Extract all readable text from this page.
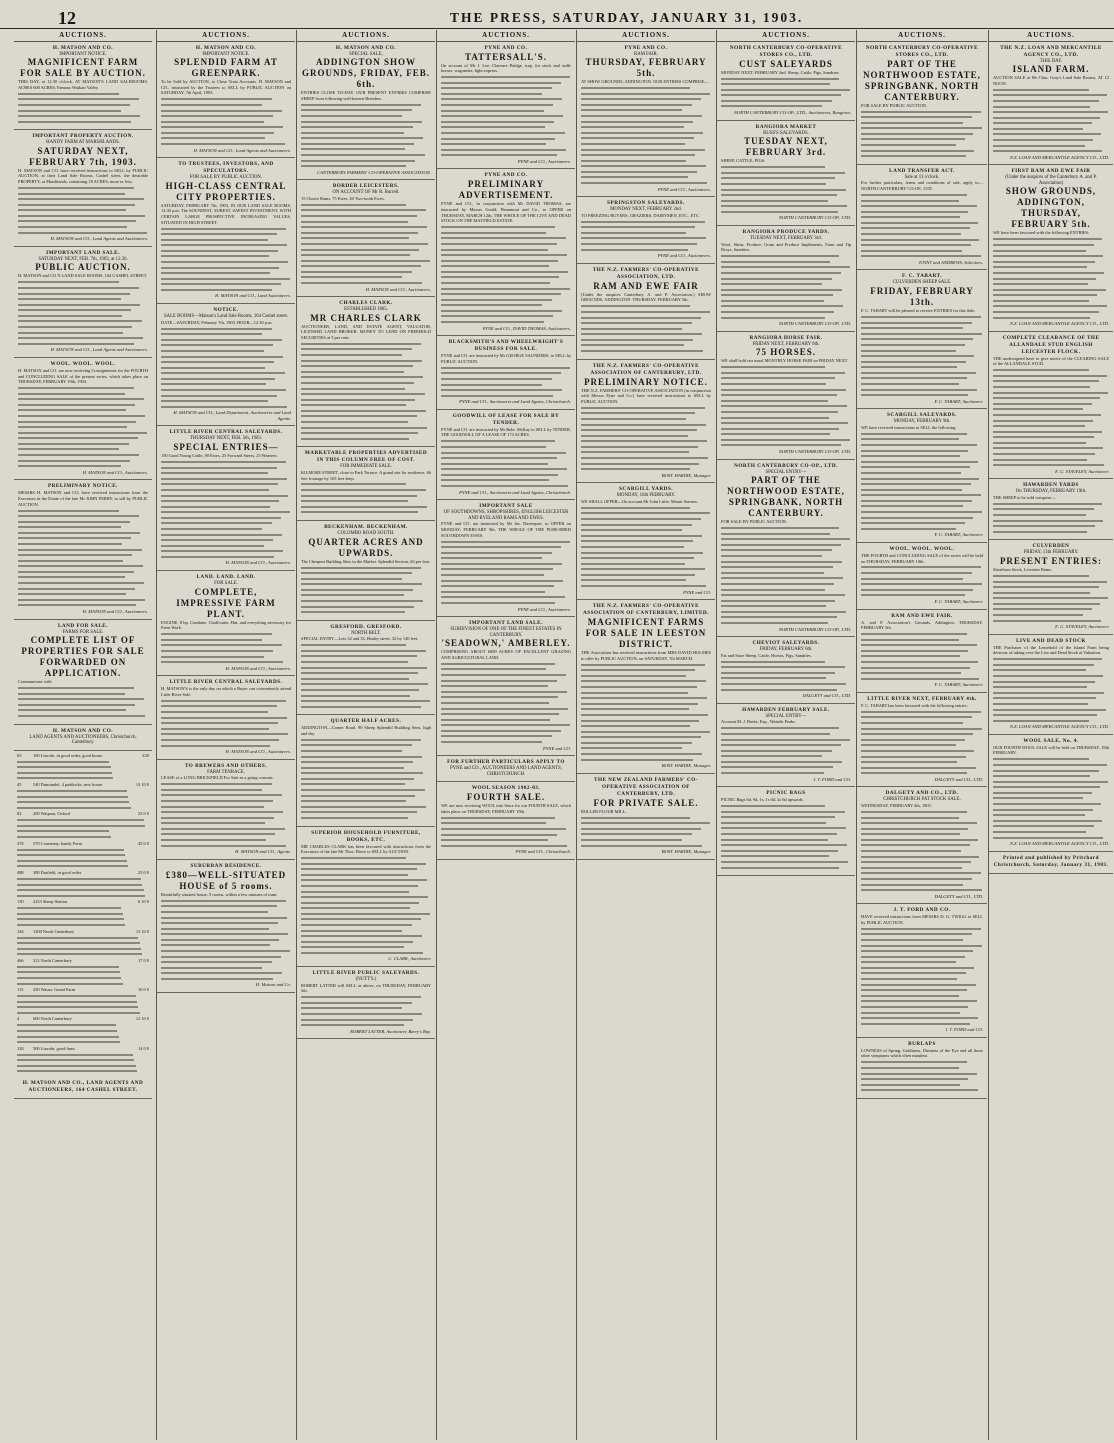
12	THE PRESS, SATURDAY, JANUARY 31, 1903.
AUCTIONS.
H. MATSON AND CO.
IMPORTANT NOTICE.
MAGNIFICENT FARM FOR SALE BY AUCTION.
THIS DAY, at 12.30 o'clock, AT MATSON'S LAND SALEROOMS. ACRES 600 ACRES, Famous Waikari Valley.
IMPORTANT PROPERTY AUCTION.
HANDY FARM AT MARSHLANDS.
SATURDAY NEXT, FEBRUARY 7th, 1903.
H. MATSON and CO. have received instructions to SELL by PUBLIC AUCTION, at their Land Sale Rooms, Cashel street, the desirable PROPERTY, at Marshlands, containing 18 ACRES, more or less.
H. MATSON and CO., Land Agents and Auctioneers.
IMPORTANT LAND SALE.
SATURDAY NEXT, FEB. 7th, 1903, at 12.30.
PUBLIC AUCTION.
H. MATSON and CO.'S LAND SALE ROOMS, 164 CASHEL STREET.
H. MATSON and CO., Land Agents and Auctioneers.
WOOL. WOOL. WOOL.
H. MATSON and CO. are now receiving Consignments for the FOURTH and CONCLUDING SALE of the present series, which takes place on THURSDAY, FEBRUARY 19th, 1903.
H. MATSON and CO., Auctioneers.
PRELIMINARY NOTICE.
MESSRS H. MATSON and CO. have received instructions from the Executors in the Estate of the late Mr JOHN PERRY, to sell by PUBLIC AUCTION.
H. MATSON and CO., Auctioneers.
LAND FOR SALE.
FARMS FOR SALE.
COMPLETE LIST OF PROPERTIES FOR SALE FORWARDED ON APPLICATION.
Communicate with
H. MATSON AND CO.
LAND AGENTS AND AUCTIONEERS, Christchurch, Canterbury.
63	160 Lincoln, in good order, good house	£20
45	540 Dunsandel, 4 paddocks, new house	13 10 0
82	200 Waipara, Oxford	25 0 0
478	570 Courtenay, handy Farm	45 0 0
488	380 Darfield, in good order	25 0 0
130	2253 Sheep Station	6 10 0
144	1200 Newk Canterbury	13 10 0
466	312 North Canterbury	17 0 0
115	430 Waiau, Grand Farm	10 0 0
4	600 North Canterbury	12 10 0
128	500 Lincoln, good farm	14 0 0
H. MATSON AND CO., LAND AGENTS AND AUCTIONEERS, 164 CASHEL STREET.
AUCTIONS.
H. MATSON AND CO.
IMPORTANT NOTICE.
SPLENDID FARM AT GREENPARK.
To be Sold by AUCTION, to Close Trust Accounts. H. MATSON and CO., instructed by the Trustees to SELL by PUBLIC AUCTION on SATURDAY, 7th April, 1903.
H. MATSON and CO., Land Agents and Auctioneers.
TO TRUSTEES, INVESTORS, AND SPECULATORS.
FOR SALE BY PUBLIC AUCTION.
HIGH-CLASS CENTRAL CITY PROPERTIES.
SATURDAY, FEBRUARY 7th, 1903, IN OUR LAND SALE ROOMS, 12.30 p.m. The SOUNDEST, SUREST, SAFEST INVESTMENT, WITH CERTAIN LARGE PROSPECTIVE INCREASING VALUES, SITUATED IN HIGH STREET.
H. MATSON and CO., Land Auctioneers.
NOTICE.
SALE ROOMS—Matson's Land Sale Rooms, 164 Cashel street.
DATE—SATURDAY, February 7th, 1903. HOUR—12.30 p.m.
H. MATSON and CO., Land Department, Auctioneers and Land Agents.
LITTLE RIVER CENTRAL SALEYARDS.
THURSDAY NEXT, FEB. 5th, 1903.
SPECIAL ENTRIES—
150 Good Young Cattle, 90 Ewes, 25 Forward Steers, 25 Weaners.
H. MATSON and CO., Auctioneers.
LAND. LAND. LAND.
FOR SALE.
COMPLETE, IMPRESSIVE FARM PLANT.
ENGINE, 8 hp, Combine, Chaffcutter, Hut, and everything necessary for Farm Work.
H. MATSON and CO., Auctioneers.
LITTLE RIVER CENTRAL SALEYARDS.
H. MATSON'S is the only day on which a Buyer can conveniently attend Little River Sale.
H. MATSON and CO., Auctioneers.
TO BREWERS AND OTHERS.
FARM TENRACE.
LEASE of a LONG BRICKFIELD For Sale as a going concern.
H. MATSON and CO., Agents.
SUBURBAN RESIDENCE.
£380—WELL-SITUATED HOUSE of 5 rooms.
Beautifully situated house, 5 rooms, within a few minutes of tram.
H. Matson and Co.
AUCTIONS.
H. MATSON AND CO.
SPECIAL SALE,
ADDINGTON SHOW GROUNDS, FRIDAY, FEB. 6th.
ENTRIES CLOSE TO-DAY. OUR PRESENT ENTRIES COMPRISE SHEEP from following well-known Breeders.
CANTERBURY FARMERS' CO-OPERATIVE ASSOCIATION.
BORDER LEICESTERS.
ON ACCOUNT OF Mr R. Burrell.
15 Choice Rams, 75 Ewes, 40 Two-tooth Ewes.
H. MATSON and CO., Auctioneers.
CHARLES CLARK.
ESTABLISHED 1865.
MR CHARLES CLARK
AUCTIONEER, LAND, AND ESTATE AGENT, VALUATOR, LICENSED LAND BROKER. MONEY TO LEND ON FREEHOLD SECURITIES at 5 per cent.
MARKETABLE PROPERTIES ADVERTISED IN THIS COLUMN FREE OF COST.
FOR IMMEDIATE SALE.
KILMORE STREET, close to Park Terrace. A grand site for residence, 66 feet frontage by 165 feet deep.
BECKENHAM. BECKENHAM.
COLOMBO ROAD SOUTH.
QUARTER ACRES AND UPWARDS.
The Cheapest Building Sites in the Market. Splendid Section, £6 per foot.
GRESFORD. GRESFORD.
NORTH BELT.
SPECIAL ENTRY—Lots 32 and 33, Bealey street, 32 by 120 feet.
QUARTER HALF ACRES.
ADDINGTON—Corner Road. 90 Sheep Splendid Building Sites, high and dry.
SUPERIOR HOUSEHOLD FURNITURE, BOOKS, ETC.
MR CHARLES CLARK has been favoured with instructions from the Executors of the late Mr Thos. Howe to SELL by AUCTION.
C. CLARK, Auctioneer.
LITTLE RIVER PUBLIC SALEYARDS.
(NUTT'S.)
ROBERT LATTER will SELL as above, on THURSDAY, FEBRUARY 5th.
ROBERT LATTER, Auctioneer, Barry's Bay.
AUCTIONS.
PYNE AND CO.
TATTERSALL'S.
On account of Mr J. Lee, Clarence Bridge, trap, for stock and sadle horses, wagonette, light express.
PYNE and CO., Auctioneers.
PYNE AND CO.
PRELIMINARY ADVERTISEMENT.
PYNE and CO., in conjunction with Mr DAVID THOMAS, are instructed by Messrs Gould, Beaumont and Co., to OFFER on THURSDAY, MARCH 12th, THE WHOLE OF THE LIVE AND DEAD STOCK ON THE MAYFIELD ESTATE.
PYNE and CO., DAVID THOMAS, Auctioneers.
BLACKSMITH'S AND WHEELWRIGHT'S BUSINESS FOR SALE.
PYNE and CO. are instructed by Mr GEORGE SAUNDERS, to SELL by PUBLIC AUCTION.
PYNE and CO., Auctioneers and Land Agents, Christchurch.
GOODWILL OF LEASE FOR SALE BY TENDER.
PYNE and CO. are instructed by Mr Robt. McKay to SELL by TENDER, THE GOODWILL OF A LEASE OF 173 ACRES.
PYNE and CO., Auctioneers and Land Agents, Christchurch.
IMPORTANT SALE
OF SOUTHDOWNS, SHROPSHIRES, ENGLISH LEICESTER AND RYELAND RAMS AND EWES.
PYNE and CO. are instructed by Mr Jas. Davenport, to OFFER on MONDAY, FEBRUARY 9th, THE WHOLE OF THE PURE-BRED SOUTHDOWN EWES.
PYNE and CO., Auctioneers.
IMPORTANT LAND SALE.
SUBDIVISION OF ONE OF THE FINEST ESTATES IN CANTERBURY.
'SEADOWN,' AMBERLEY.
COMPRISING ABOUT 6000 ACRES OF EXCELLENT GRAZING AND AGRICULTURAL LAND.
PYNE and CO.
FOR FURTHER PARTICULARS APPLY TO
PYNE and CO., AUCTIONEERS AND LAND AGENTS, CHRISTCHURCH.
WOOL SEASON 1902-03.
FOURTH SALE.
WE are now receiving WOOL into Store for our FOURTH SALE, which takes place on THURSDAY, FEBRUARY 19th.
PYNE and CO., Christchurch.
AUCTIONS.
PYNE AND CO.
RAM FAIR.
THURSDAY, FEBRUARY 5th.
AT SHOW GROUNDS, ADDINGTON. OUR ENTRIES COMPRISE—
PYNE and CO., Auctioneers.
SPRINGSTON SALEYARDS.
MONDAY NEXT, FEBRUARY 2nd.
TO FREEZING BUYERS, GRAZIERS, DAIRYMEN, ETC., ETC.
PYNE and CO., Auctioneers.
THE N.Z. FARMERS' CO-OPERATIVE ASSOCIATION, LTD.
RAM AND EWE FAIR
(Under the auspices Canterbury A. and P. Association.) SHOW GROUNDS, ADDINGTON. THURSDAY, FEBRUARY 5th.
THE N.Z. FARMERS' CO-OPERATIVE ASSOCIATION OF CANTERBURY, LTD.
PRELIMINARY NOTICE.
THE N.Z. FARMERS' CO-OPERATIVE ASSOCIATION (in conjunction with Messrs Pyne and Co.) have received instructions to SELL by PUBLIC AUCTION.
BOST. HARDIE, Manager.
SCARGILL YARDS.
MONDAY, 16th FEBRUARY.
WE SHALL OFFER—On account Mr John Little, Mount Somers.
PYNE and CO.
THE N.Z. FARMERS' CO-OPERATIVE ASSOCIATION OF CANTERBURY, LIMITED.
MAGNIFICENT FARMS FOR SALE IN LEESTON DISTRICT.
THE Association has received instructions from MRS DAVID HOLMES to offer by PUBLIC AUCTION, on SATURDAY, 7th MARCH.
BOST. HARDIE, Manager.
THE NEW ZEALAND FARMERS' CO-OPERATIVE ASSOCIATION OF CANTERBURY, LTD.
FOR PRIVATE SALE.
ROLLER FLOUR MILL.
BOST. HARDIE, Manager.
AUCTIONS.
NORTH CANTERBURY CO-OPERATIVE STORES CO., LTD.
CUST SALEYARDS
MONDAY NEXT, FEBRUARY 2nd. Sheep, Cattle, Pigs, Sundries.
NORTH CANTERBURY CO-OP., LTD., Auctioneers, Rangiora.
RANGIORA MARKET
BUSS'S SALEYARDS.
TUESDAY NEXT, FEBRUARY 3rd.
SHEEP, CATTLE, PIGS.
NORTH CANTERBURY CO-OP., LTD.
RANGIORA PRODUCE YARDS.
TUESDAY NEXT, FEBRUARY 3rd.
Wool, Skins, Produce, Grain and Produce Implements, Farm and Tip Drays, Sundries.
NORTH CANTERBURY CO-OP., LTD.
RANGIORA HORSE FAIR.
FRIDAY NEXT, FEBRUARY 6th.
75 HORSES.
WE shall hold our usual MONTHLY HORSE FAIR on FRIDAY NEXT.
NORTH CANTERBURY CO-OP., LTD.
NORTH CANTERBURY CO-OP., LTD.
SPECIAL ENTRY—
PART OF THE NORTHWOOD ESTATE, SPRINGBANK, NORTH CANTERBURY.
FOR SALE BY PUBLIC AUCTION.
NORTH CANTERBURY CO-OP., LTD.
CHEVIOT SALEYARDS.
FRIDAY, FEBRUARY 6th.
Fat and Store Sheep, Cattle, Horses, Pigs, Sundries.
DALGETY and CO., LTD.
HAWARDEN FEBRUARY SALE.
SPECIAL ENTRY—
Account M. J. Burke, Esq., Waitohi Peaks.
J. T. FORD and CO.
PICNIC BAGS
PICNIC Bags 6d, 9d, 1s, 1s 6d, 2s 6d upwards.
AUCTIONS.
NORTH CANTERBURY CO-OPERATIVE STORES CO., LTD.
PART OF THE NORTHWOOD ESTATE, SPRINGBANK, NORTH CANTERBURY.
FOR SALE BY PUBLIC AUCTION.
LAND TRANSFER ACT.
Sale at 11 o'clock.
For further particulars, terms and conditions of sale, apply to— NORTH CANTERBURY CO-OP., LTD.
JOYNT and ANDREWS, Solicitors.
F. C. TABART.
CULVERDEN SHEEP SALE.
FRIDAY, FEBRUARY 13th.
F. C. TABART will be pleased to receive ENTRIES for this Sale.
F. C. TABART, Auctioneer.
SCARGILL SALEYARDS.
MONDAY, FEBRUARY 9th.
WE have received instructions to SELL the following:
F. C. TABART, Auctioneer.
WOOL. WOOL. WOOL.
THE FOURTH and CONCLUDING SALE of the series will be held on THURSDAY, FEBRUARY 19th.
F. C. TABART, Auctioneer.
RAM AND EWE FAIR.
A. and P. Association's Grounds, Addington, THURSDAY, FEBRUARY 5th.
F. C. TABART, Auctioneer.
LITTLE RIVER NEXT, FEBRUARY 4th.
F. C. TABART has been favoured with the following entries:
DALGETY and CO., LTD.
DALGETY AND CO., LTD.
CHRISTCHURCH FAT STOCK SALE.
WEDNESDAY, FEBRUARY 4th, 1903.
DALGETY and CO., LTD.
J. T. FORD AND CO.
HAVE received instructions from MESSRS D. G. TWIGG to SELL by PUBLIC AUCTION.
J. T. FORD and CO.
BURLAPS
LOWNESS of Spring, Goldiness, Dimness of the Eye and all those other symptoms which often manifest.
AUCTIONS.
THE N.Z. LOAN AND MERCANTILE AGENCY CO., LTD.
THIS DAY.
ISLAND FARM.
AUCTION SALE at Mr Chas. Gray's Land Sale Rooms, AT 12 NOON.
N.Z. LOAN AND MERCANTILE AGENCY CO., LTD.
FIRST RAM AND EWE FAIR
(Under the auspices of the Canterbury A. and P. Association)
SHOW GROUNDS, ADDINGTON, THURSDAY, FEBRUARY 5th.
WE have been favoured with the following ENTRIES:
N.Z. LOAN AND MERCANTILE AGENCY CO., LTD.
COMPLETE CLEARANCE OF THE ALLANDALE STUD ENGLISH LEICESTER FLOCK.
THE undersigned have to give notice of the CLEARING SALE of the ALLANDALE STUD.
E. G. STAVELEY, Auctioneer.
HAWARDEN YARDS
On THURSDAY, FEBRUARY 19th.
THE SHEEP to be sold comprise—
CULVERDEN
FRIDAY, 13th FEBRUARY.
PRESENT ENTRIES:
Shorthorn Stock, Leicester Rams.
E. G. STAVELEY, Auctioneer.
LIVE AND DEAD STOCK
THE Purchaser of the Leasehold of the Island Farm being desirous of taking over the Live and Dead Stock at Valuation.
N.Z. LOAN AND MERCANTILE AGENCY CO., LTD.
WOOL SALE, No. 4.
OUR FOURTH WOOL SALE will be held on THURSDAY, 19th FEBRUARY.
N.Z. LOAN AND MERCANTILE AGENCY CO., LTD.
Printed and published by Pritchard Christchurch, Saturday, January 31, 1903.
